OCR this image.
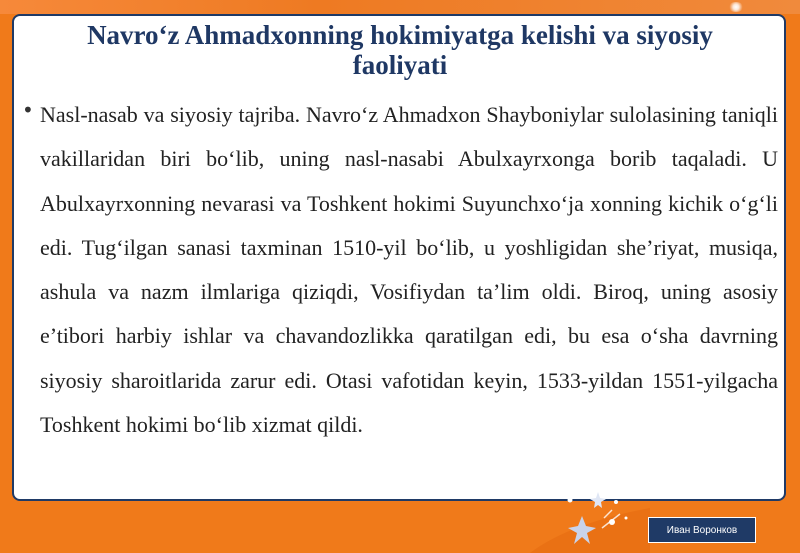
Navro‘z Ahmadxonning hokimiyatga kelishi va siyosiy faoliyati
• Nasl-nasab va siyosiy tajriba. Navro‘z Ahmadxon Shayboniylar sulolasining taniqli vakillaridan biri bo‘lib, uning nasl-nasabi Abulxayrxonga borib taqaladi. U Abulxayrxonning nevarasi va Toshkent hokimi Suyunchxo‘ja xonning kichik o‘g‘li edi. Tug‘ilgan sanasi taxminan 1510-yil bo‘lib, u yoshligidan she’riyat, musiqa, ashula va nazm ilmlariga qiziqdi, Vosifiydan ta’lim oldi. Biroq, uning asosiy e’tibori harbiy ishlar va chavandozlikka qaratilgan edi, bu esa o‘sha davrning siyosiy sharoitlarida zarur edi. Otasi vafotidan keyin, 1533-yildan 1551-yilgacha Toshkent hokimi bo‘lib xizmat qildi.

Иван Воронков
